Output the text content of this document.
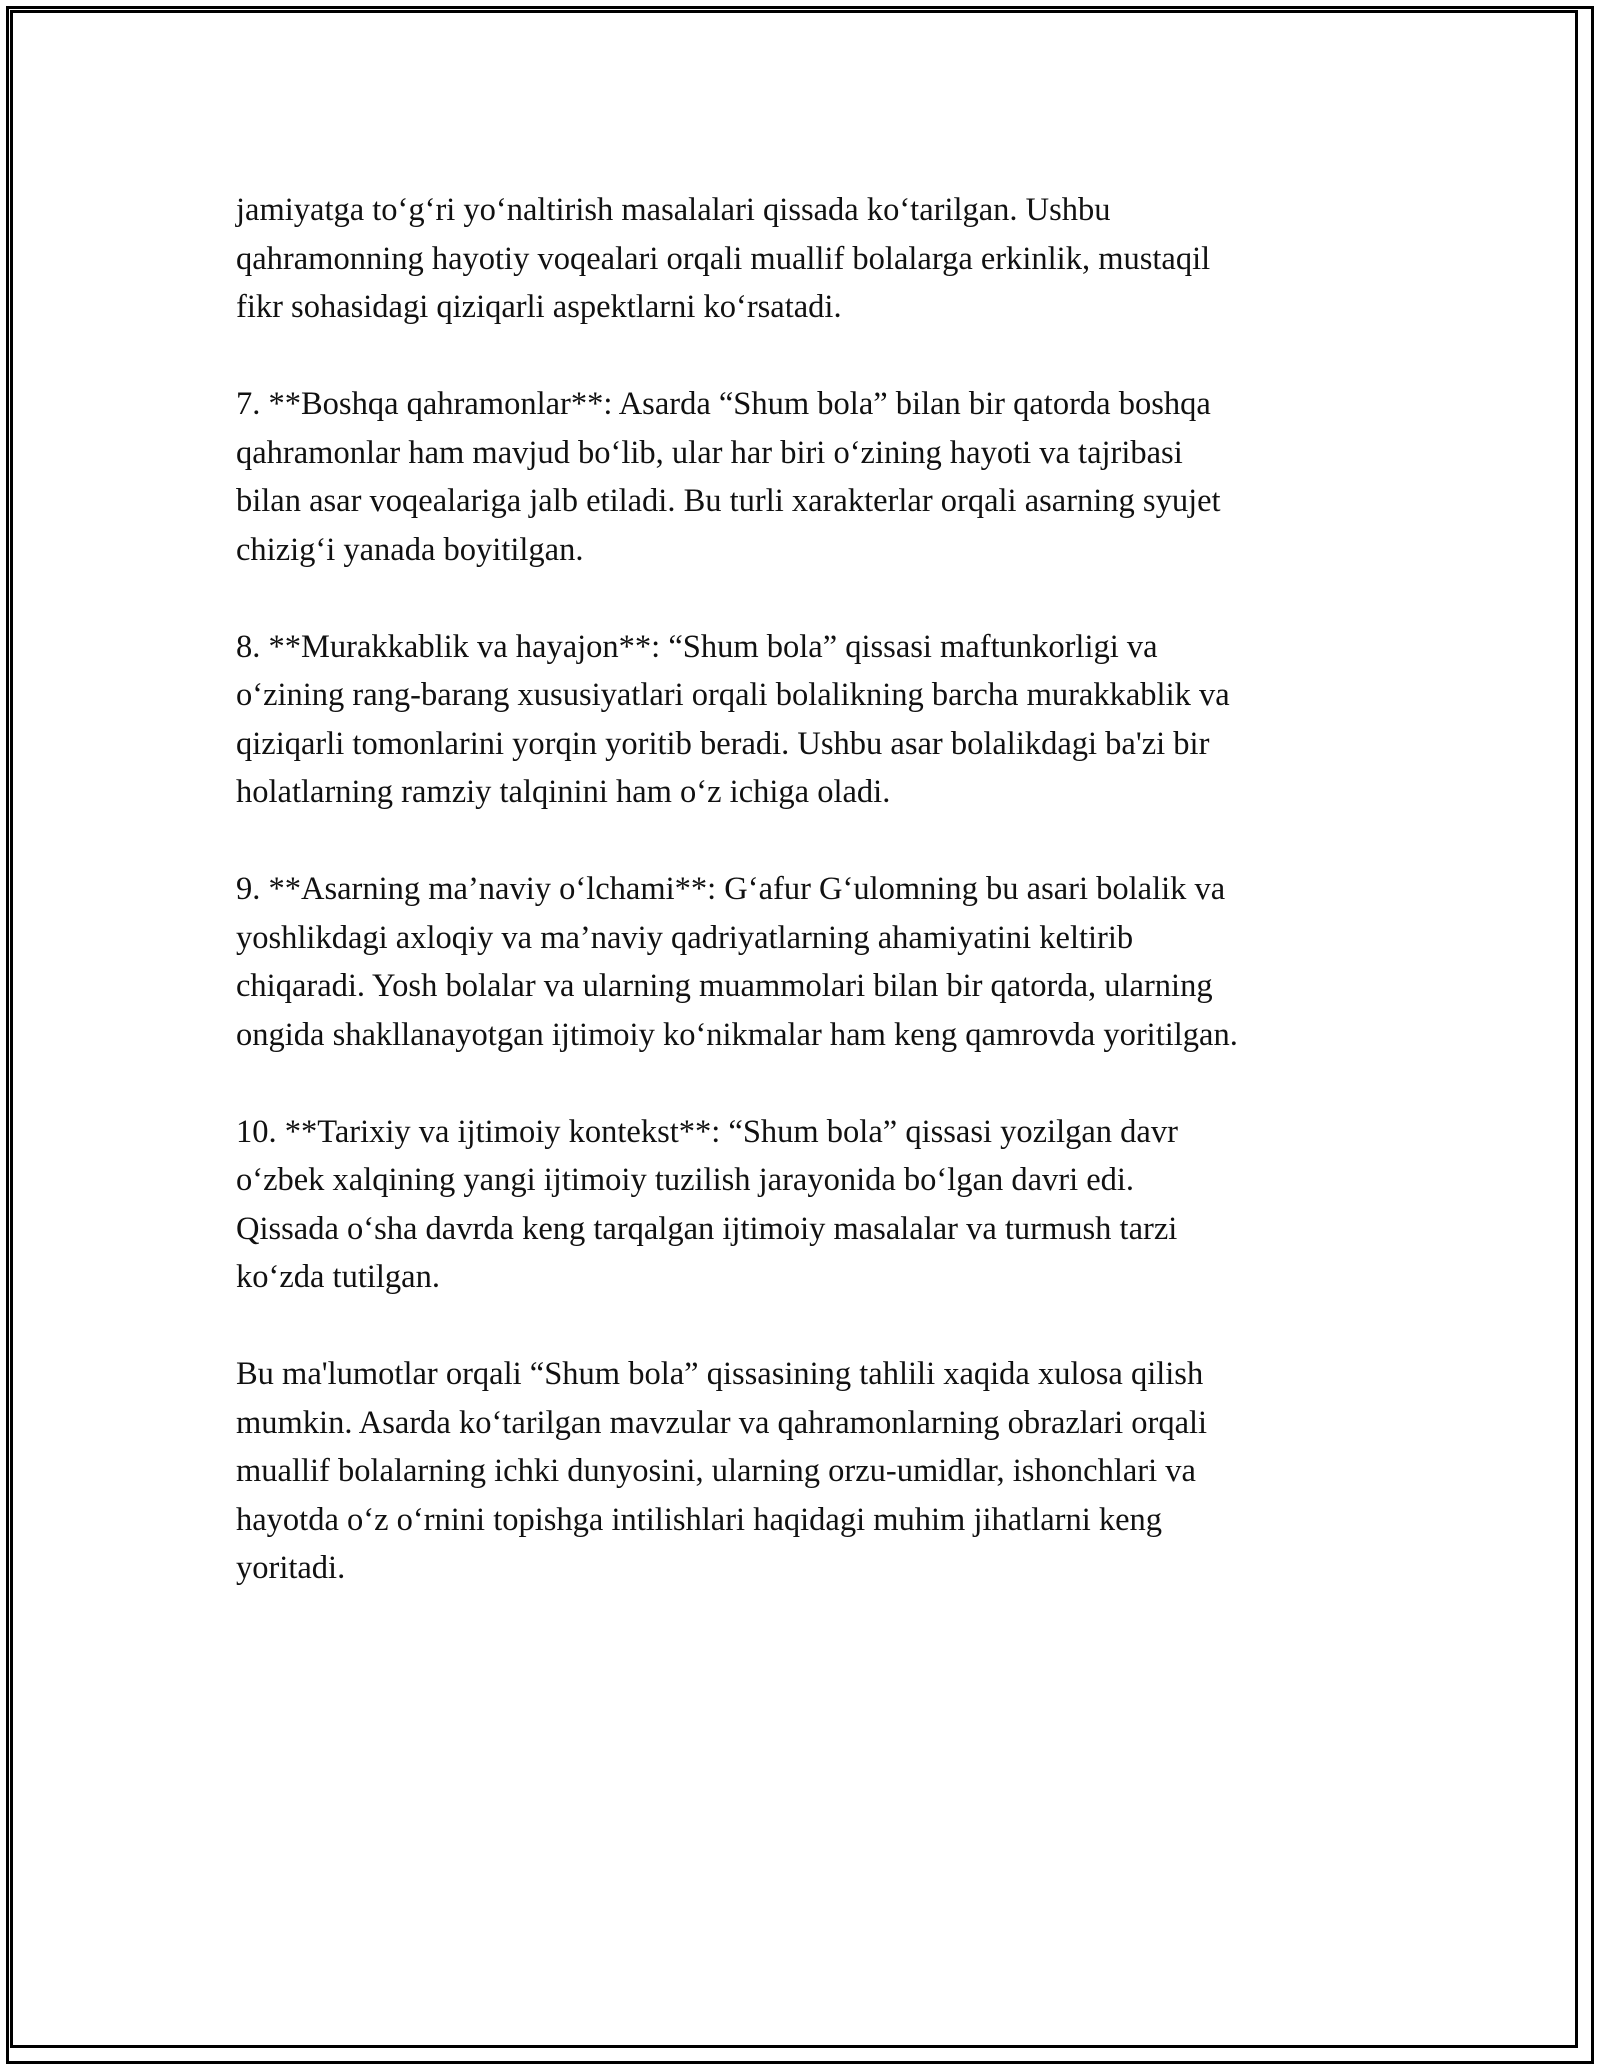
jamiyatga to‘g‘ri yo‘naltirish masalalari qissada ko‘tarilgan. Ushbu
qahramonning hayotiy voqealari orqali muallif bolalarga erkinlik, mustaqil
fikr sohasidagi qiziqarli aspektlarni ko‘rsatadi.

7. **Boshqa qahramonlar**: Asarda “Shum bola” bilan bir qatorda boshqa
qahramonlar ham mavjud bo‘lib, ular har biri o‘zining hayoti va tajribasi
bilan asar voqealariga jalb etiladi. Bu turli xarakterlar orqali asarning syujet
chizig‘i yanada boyitilgan.

8. **Murakkablik va hayajon**: “Shum bola” qissasi maftunkorligi va
o‘zining rang-barang xususiyatlari orqali bolalikning barcha murakkablik va
qiziqarli tomonlarini yorqin yoritib beradi. Ushbu asar bolalikdagi ba'zi bir
holatlarning ramziy talqinini ham o‘z ichiga oladi.

9. **Asarning ma’naviy o‘lchami**: G‘afur G‘ulomning bu asari bolalik va
yoshlikdagi axloqiy va ma’naviy qadriyatlarning ahamiyatini keltirib
chiqaradi. Yosh bolalar va ularning muammolari bilan bir qatorda, ularning
ongida shakllanayotgan ijtimoiy ko‘nikmalar ham keng qamrovda yoritilgan.

10. **Tarixiy va ijtimoiy kontekst**: “Shum bola” qissasi yozilgan davr
o‘zbek xalqining yangi ijtimoiy tuzilish jarayonida bo‘lgan davri edi.
Qissada o‘sha davrda keng tarqalgan ijtimoiy masalalar va turmush tarzi
ko‘zda tutilgan.

Bu ma'lumotlar orqali “Shum bola” qissasining tahlili xaqida xulosa qilish
mumkin. Asarda ko‘tarilgan mavzular va qahramonlarning obrazlari orqali
muallif bolalarning ichki dunyosini, ularning orzu-umidlar, ishonchlari va
hayotda o‘z o‘rnini topishga intilishlari haqidagi muhim jihatlarni keng
yoritadi.
